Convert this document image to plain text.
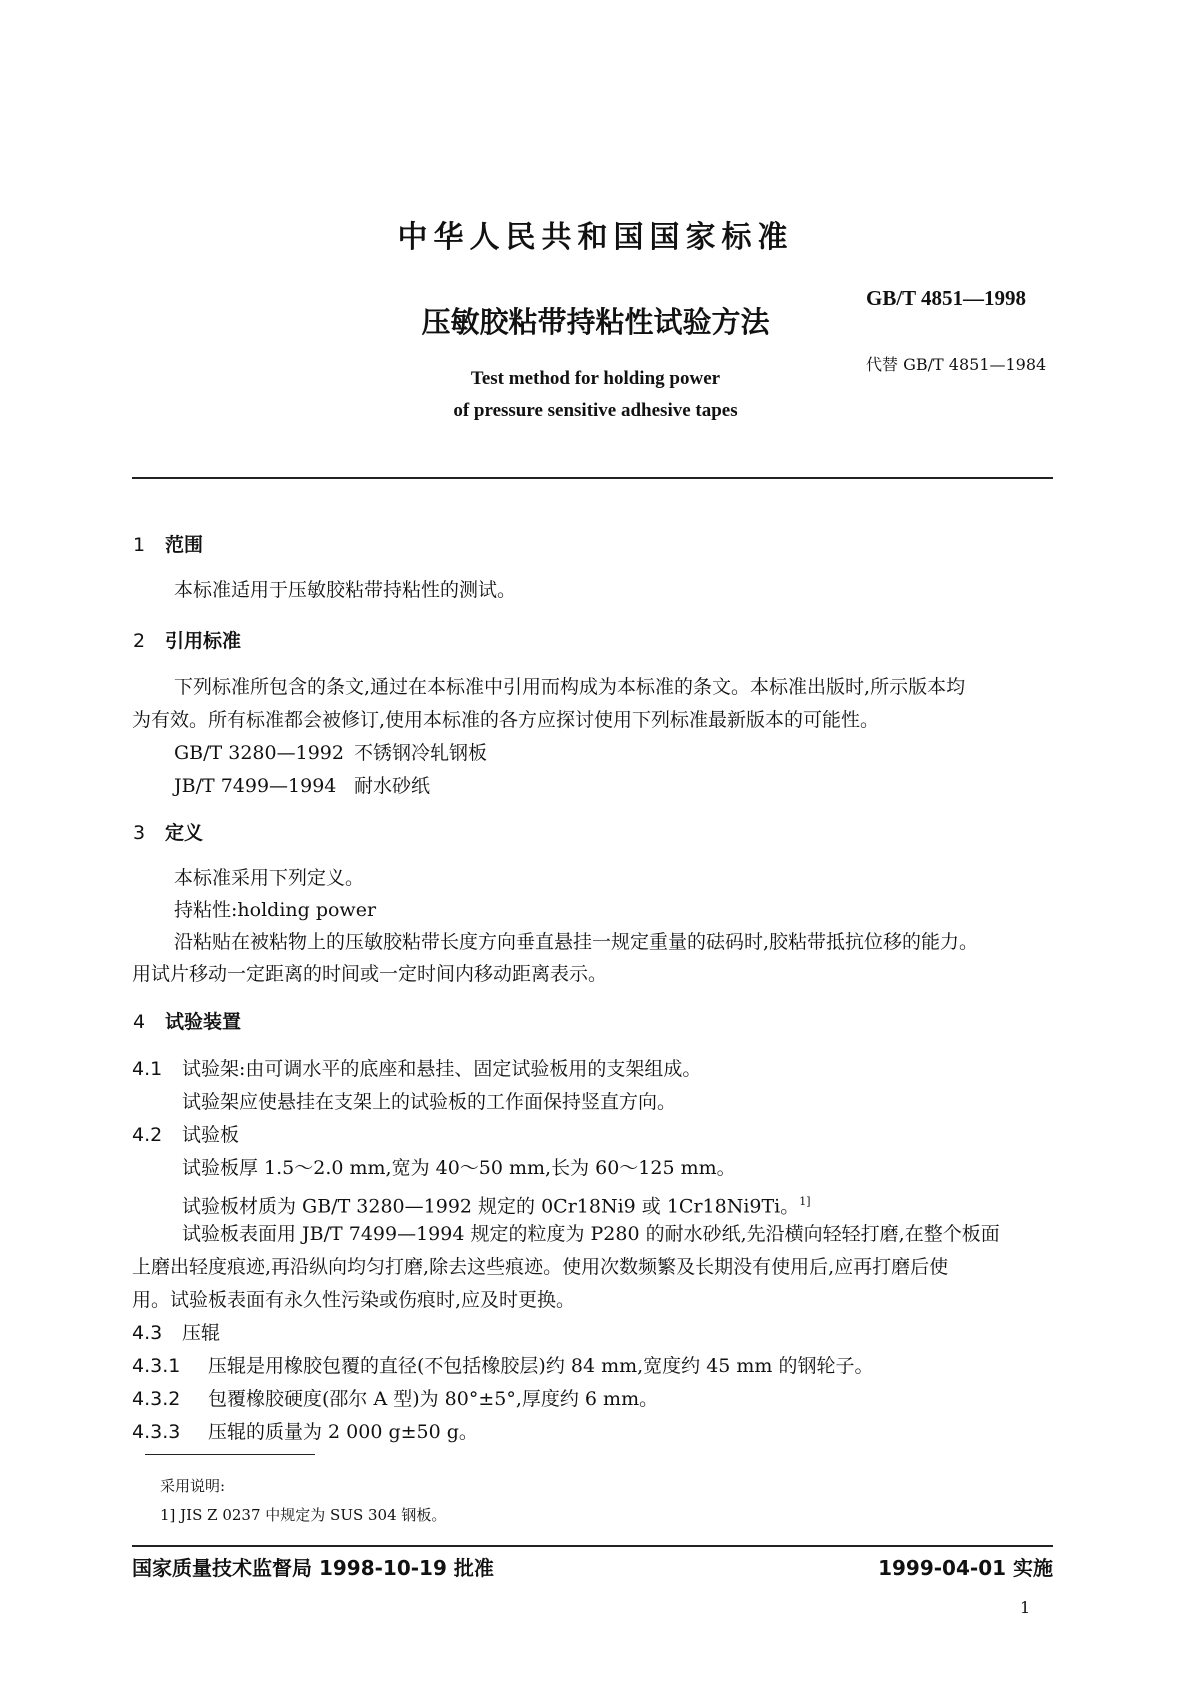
中华人民共和国国家标准
GB/T 4851—1998
压敏胶粘带持粘性试验方法
代替 GB/T 4851—1984
Test method for holding power
of pressure sensitive adhesive tapes
1 范围
本标准适用于压敏胶粘带持粘性的测试。
2 引用标准
下列标准所包含的条文,通过在本标准中引用而构成为本标准的条文。本标准出版时,所示版本均
为有效。所有标准都会被修订,使用本标准的各方应探讨使用下列标准最新版本的可能性。
GB/T 3280—1992 不锈钢冷轧钢板
JB/T 7499—1994 耐水砂纸
3 定义
本标准采用下列定义。
持粘性:holding power
沿粘贴在被粘物上的压敏胶粘带长度方向垂直悬挂一规定重量的砝码时,胶粘带抵抗位移的能力。
用试片移动一定距离的时间或一定时间内移动距离表示。
4 试验装置
4.1 试验架:由可调水平的底座和悬挂、固定试验板用的支架组成。
试验架应使悬挂在支架上的试验板的工作面保持竖直方向。
4.2 试验板
试验板厚 1.5～2.0 mm,宽为 40～50 mm,长为 60～125 mm。
试验板材质为 GB/T 3280—1992 规定的 0Cr18Ni9 或 1Cr18Ni9Ti。$^{1]}$
试验板表面用 JB/T 7499—1994 规定的粒度为 P280 的耐水砂纸,先沿横向轻轻打磨,在整个板面
上磨出轻度痕迹,再沿纵向均匀打磨,除去这些痕迹。使用次数频繁及长期没有使用后,应再打磨后使
用。试验板表面有永久性污染或伤痕时,应及时更换。
4.3 压辊
4.3.1 压辊是用橡胶包覆的直径(不包括橡胶层)约 84 mm,宽度约 45 mm 的钢轮子。
4.3.2 包覆橡胶硬度(邵尔 A 型)为 80°±5°,厚度约 6 mm。
4.3.3 压辊的质量为 2 000 g±50 g。
采用说明:
1] JIS Z 0237 中规定为 SUS 304 钢板。
国家质量技术监督局 1998-10-19 批准	1999-04-01 实施
1
